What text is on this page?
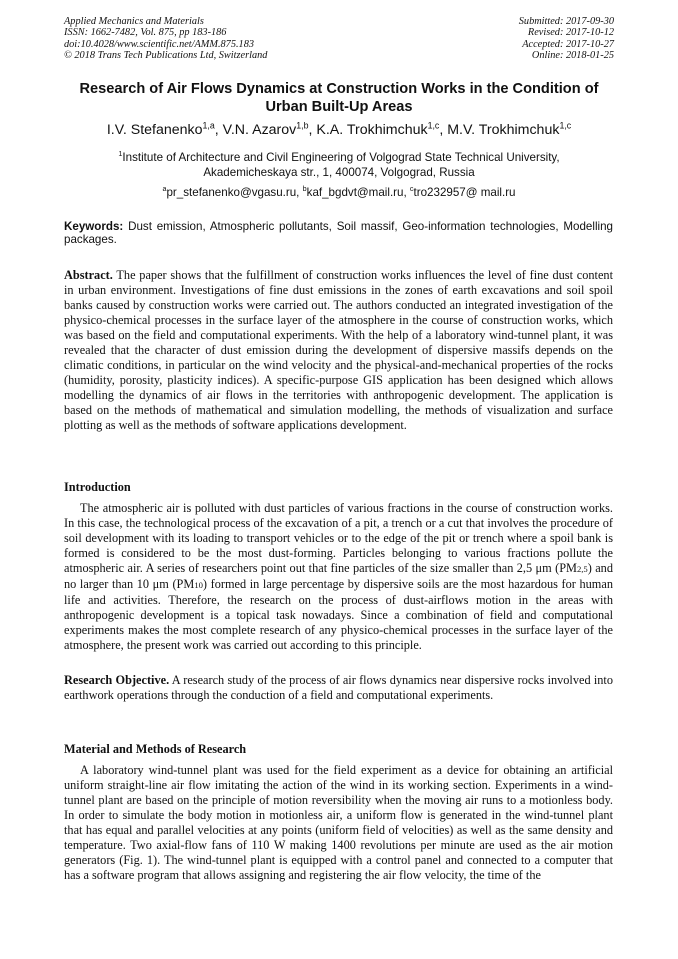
Applied Mechanics and Materials
ISSN: 1662-7482, Vol. 875, pp 183-186
doi:10.4028/www.scientific.net/AMM.875.183
© 2018 Trans Tech Publications Ltd, Switzerland
Submitted: 2017-09-30
Revised: 2017-10-12
Accepted: 2017-10-27
Online: 2018-01-25
Research of Air Flows Dynamics at Construction Works in the Condition of Urban Built-Up Areas
I.V. Stefanenko$^{1,a}$, V.N. Azarov$^{1,b}$, K.A. Trokhimchuk$^{1,c}$, M.V. Trokhimchuk$^{1,c}$
$^1$Institute of Architecture and Civil Engineering of Volgograd State Technical University,
Akademicheskaya str., 1, 400074, Volgograd, Russia
$^a$pr_stefanenko@vgasu.ru, $^b$kaf_bgdvt@mail.ru, $^c$tro232957@ mail.ru
Keywords: Dust emission, Atmospheric pollutants, Soil massif, Geo-information technologies, Modelling packages.
Abstract. The paper shows that the fulfillment of construction works influences the level of fine dust content in urban environment. Investigations of fine dust emissions in the zones of earth excavations and soil spoil banks caused by construction works were carried out. The authors conducted an integrated investigation of the physico-chemical processes in the surface layer of the atmosphere in the course of construction works, which was based on the field and computational experiments. With the help of a laboratory wind-tunnel plant, it was revealed that the character of dust emission during the development of dispersive massifs depends on the climatic conditions, in particular on the wind velocity and the physical-and-mechanical properties of the rocks (humidity, porosity, plasticity indices). A specific-purpose GIS application has been designed which allows modelling the dynamics of air flows in the territories with anthropogenic development. The application is based on the methods of mathematical and simulation modelling, the methods of visualization and surface plotting as well as the methods of software applications development.
Introduction
The atmospheric air is polluted with dust particles of various fractions in the course of construction works. In this case, the technological process of the excavation of a pit, a trench or a cut that involves the procedure of soil development with its loading to transport vehicles or to the edge of the pit or trench where a spoil bank is formed is considered to be the most dust-forming. Particles belonging to various fractions pollute the atmospheric air. A series of researchers point out that fine particles of the size smaller than 2,5 μm (PM2,5) and no larger than 10 μm (PM10) formed in large percentage by dispersive soils are the most hazardous for human life and activities. Therefore, the research on the process of dust-airflows motion in the areas with anthropogenic development is a topical task nowadays. Since a combination of field and computational experiments makes the most complete research of any physico-chemical processes in the surface layer of the atmosphere, the present work was carried out according to this principle.
Research Objective. A research study of the process of air flows dynamics near dispersive rocks involved into earthwork operations through the conduction of a field and computational experiments.
Material and Methods of Research
A laboratory wind-tunnel plant was used for the field experiment as a device for obtaining an artificial uniform straight-line air flow imitating the action of the wind in its working section. Experiments in a wind-tunnel plant are based on the principle of motion reversibility when the moving air runs to a motionless body. In order to simulate the body motion in motionless air, a uniform flow is generated in the wind-tunnel plant that has equal and parallel velocities at any points (uniform field of velocities) as well as the same density and temperature. Two axial-flow fans of 110 W making 1400 revolutions per minute are used as the air motion generators (Fig. 1). The wind-tunnel plant is equipped with a control panel and connected to a computer that has a software program that allows assigning and registering the air flow velocity, the time of the
